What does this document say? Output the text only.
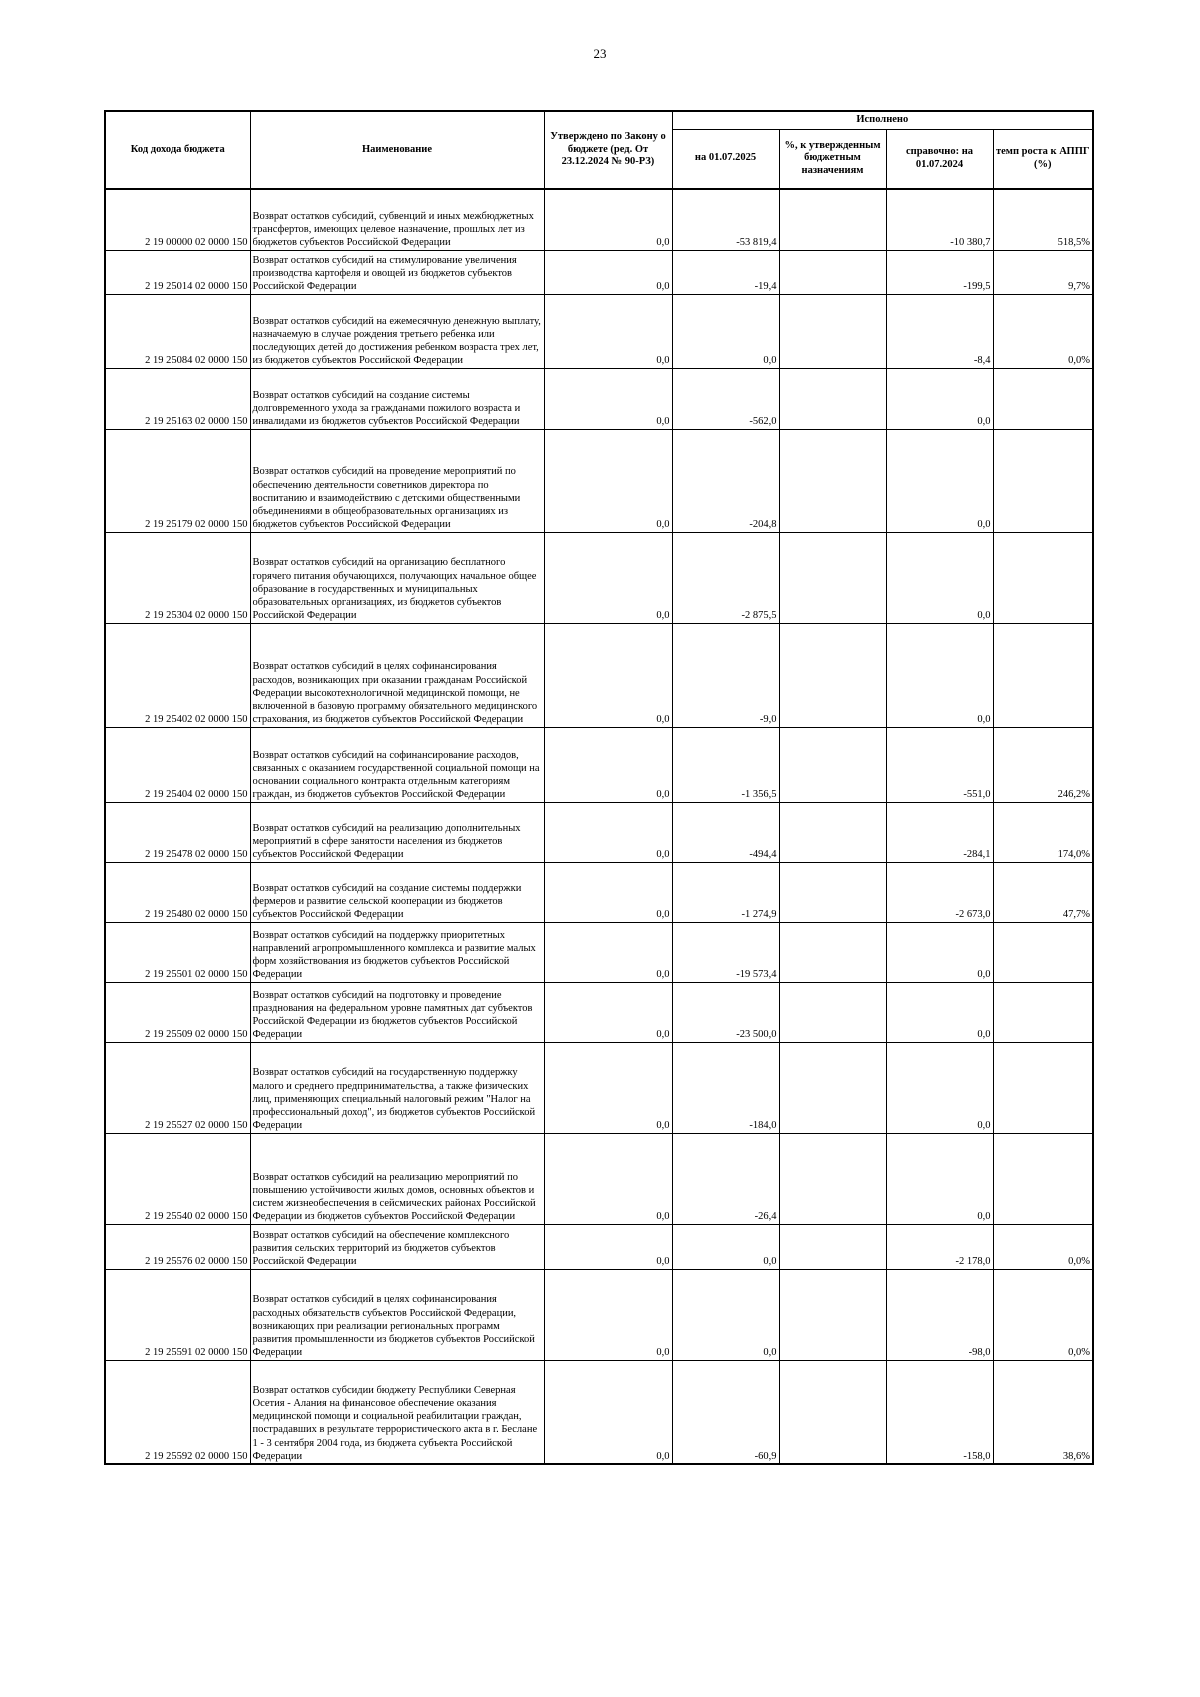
23
Код дохода бюджета	Наименование	Утверждено по Закону о бюджете (ред. От 23.12.2024 № 90-РЗ)	Исполнено			
			на 01.07.2025	%, к утвержденным бюджетным назначениям	справочно: на 01.07.2024	темп роста к АППГ (%)
2 19 00000 02 0000 150	Возврат остатков субсидий, субвенций и иных межбюджетных трансфертов, имеющих целевое назначение, прошлых лет из бюджетов субъектов Российской Федерации	0,0	-53 819,4		-10 380,7	518,5%
2 19 25014 02 0000 150	Возврат остатков субсидий на стимулирование увеличения производства картофеля и овощей из бюджетов субъектов Российской Федерации	0,0	-19,4		-199,5	9,7%
2 19 25084 02 0000 150	Возврат остатков субсидий на ежемесячную денежную выплату, назначаемую в случае рождения третьего ребенка или последующих детей до достижения ребенком возраста трех лет, из бюджетов субъектов Российской Федерации	0,0	0,0		-8,4	0,0%
2 19 25163 02 0000 150	Возврат остатков субсидий на создание системы долговременного ухода за гражданами пожилого возраста и инвалидами из бюджетов субъектов Российской Федерации	0,0	-562,0		0,0	
2 19 25179 02 0000 150	Возврат остатков субсидий на проведение мероприятий по обеспечению деятельности советников директора по воспитанию и взаимодействию с детскими общественными объединениями в общеобразовательных организациях из бюджетов субъектов Российской Федерации	0,0	-204,8		0,0	
2 19 25304 02 0000 150	Возврат остатков субсидий на организацию бесплатного горячего питания обучающихся, получающих начальное общее образование в государственных и муниципальных образовательных организациях, из бюджетов субъектов Российской Федерации	0,0	-2 875,5		0,0	
2 19 25402 02 0000 150	Возврат остатков субсидий в целях софинансирования расходов, возникающих при оказании гражданам Российской Федерации высокотехнологичной медицинской помощи, не включенной в базовую программу обязательного медицинского страхования, из бюджетов субъектов Российской Федерации	0,0	-9,0		0,0	
2 19 25404 02 0000 150	Возврат остатков субсидий на софинансирование расходов, связанных с оказанием государственной социальной помощи на основании социального контракта отдельным категориям граждан, из бюджетов субъектов Российской Федерации	0,0	-1 356,5		-551,0	246,2%
2 19 25478 02 0000 150	Возврат остатков субсидий на реализацию дополнительных мероприятий в сфере занятости населения из бюджетов субъектов Российской Федерации	0,0	-494,4		-284,1	174,0%
2 19 25480 02 0000 150	Возврат остатков субсидий на создание системы поддержки фермеров и развитие сельской кооперации из бюджетов субъектов Российской Федерации	0,0	-1 274,9		-2 673,0	47,7%
2 19 25501 02 0000 150	Возврат остатков субсидий на поддержку приоритетных направлений агропромышленного комплекса и развитие малых форм хозяйствования из бюджетов субъектов Российской Федерации	0,0	-19 573,4		0,0	
2 19 25509 02 0000 150	Возврат остатков субсидий на подготовку и проведение празднования на федеральном уровне памятных дат субъектов Российской Федерации из бюджетов субъектов Российской Федерации	0,0	-23 500,0		0,0	
2 19 25527 02 0000 150	Возврат остатков субсидий на государственную поддержку малого и среднего предпринимательства, а также физических лиц, применяющих специальный налоговый режим "Налог на профессиональный доход", из бюджетов субъектов Российской Федерации	0,0	-184,0		0,0	
2 19 25540 02 0000 150	Возврат остатков субсидий на реализацию мероприятий по повышению устойчивости жилых домов, основных объектов и систем жизнеобеспечения в сейсмических районах Российской Федерации из бюджетов субъектов Российской Федерации	0,0	-26,4		0,0	
2 19 25576 02 0000 150	Возврат остатков субсидий на обеспечение комплексного развития сельских территорий из бюджетов субъектов Российской Федерации	0,0	0,0		-2 178,0	0,0%
2 19 25591 02 0000 150	Возврат остатков субсидий в целях софинансирования расходных обязательств субъектов Российской Федерации, возникающих при реализации региональных программ развития промышленности из бюджетов субъектов Российской Федерации	0,0	0,0		-98,0	0,0%
2 19 25592 02 0000 150	Возврат остатков субсидии бюджету Республики Северная Осетия - Алания на финансовое обеспечение оказания медицинской помощи и социальной реабилитации граждан, пострадавших в результате террористического акта в г. Беслане 1 - 3 сентября 2004 года, из бюджета субъекта Российской Федерации	0,0	-60,9		-158,0	38,6%
